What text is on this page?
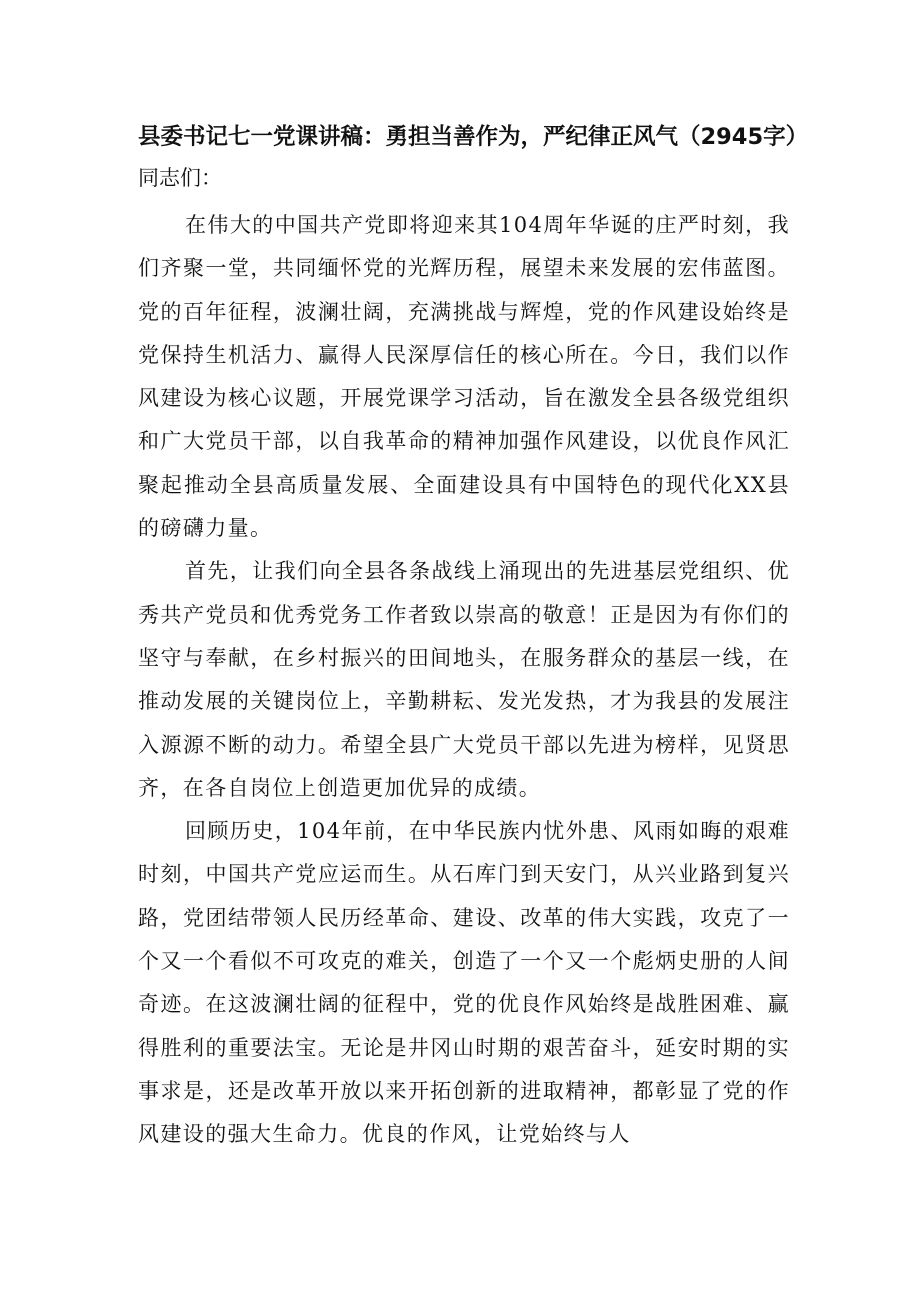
县委书记七一党课讲稿：勇担当善作为，严纪律正风气（2945字）

同志们：

在伟大的中国共产党即将迎来其104周年华诞的庄严时刻，我们齐聚一堂，共同缅怀党的光辉历程，展望未来发展的宏伟蓝图。党的百年征程，波澜壮阔，充满挑战与辉煌，党的作风建设始终是党保持生机活力、赢得人民深厚信任的核心所在。今日，我们以作风建设为核心议题，开展党课学习活动，旨在激发全县各级党组织和广大党员干部，以自我革命的精神加强作风建设，以优良作风汇聚起推动全县高质量发展、全面建设具有中国特色的现代化XX县的磅礴力量。

首先，让我们向全县各条战线上涌现出的先进基层党组织、优秀共产党员和优秀党务工作者致以崇高的敬意！正是因为有你们的坚守与奉献，在乡村振兴的田间地头，在服务群众的基层一线，在推动发展的关键岗位上，辛勤耕耘、发光发热，才为我县的发展注入源源不断的动力。希望全县广大党员干部以先进为榜样，见贤思齐，在各自岗位上创造更加优异的成绩。

回顾历史，104年前，在中华民族内忧外患、风雨如晦的艰难时刻，中国共产党应运而生。从石库门到天安门，从兴业路到复兴路，党团结带领人民历经革命、建设、改革的伟大实践，攻克了一个又一个看似不可攻克的难关，创造了一个又一个彪炳史册的人间奇迹。在这波澜壮阔的征程中，党的优良作风始终是战胜困难、赢得胜利的重要法宝。无论是井冈山时期的艰苦奋斗，延安时期的实事求是，还是改革开放以来开拓创新的进取精神，都彰显了党的作风建设的强大生命力。优良的作风，让党始终与人
